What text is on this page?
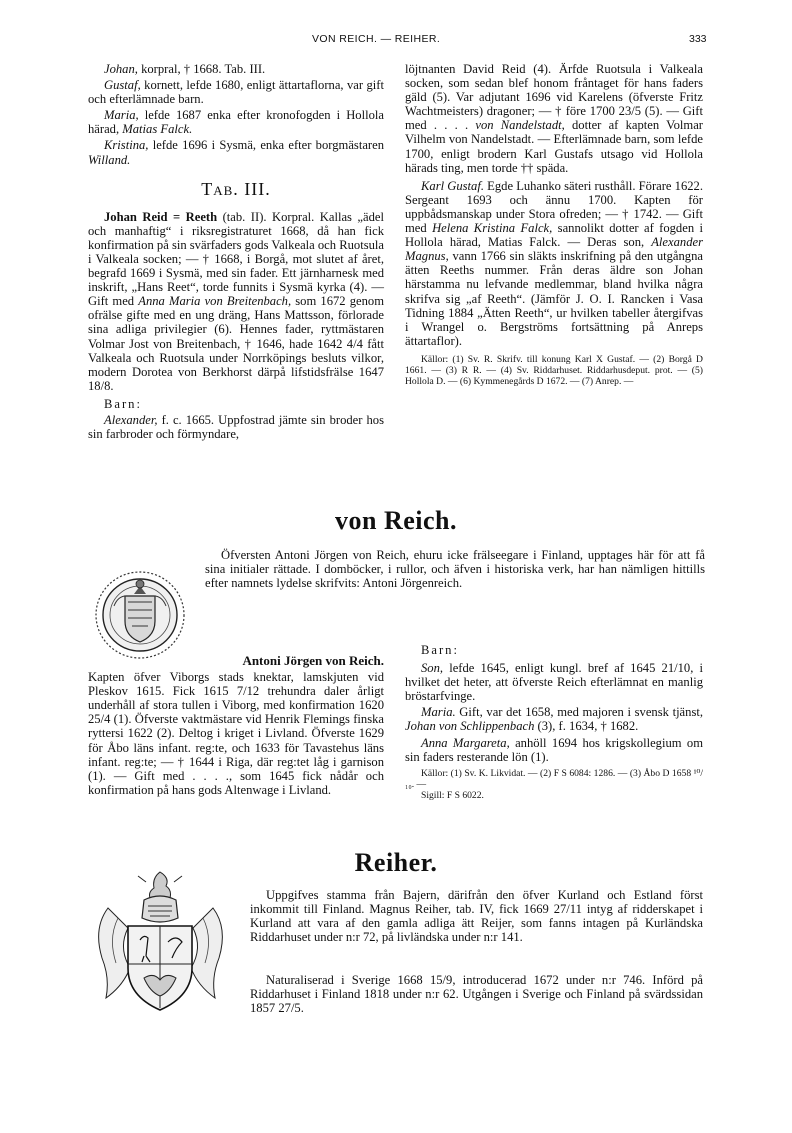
VON REICH. — REIHER.	333

Johan, korpral, † 1668. Tab. III.

Gustaf, kornett, lefde 1680, enligt ättartaflorna, var gift och efterlämnade barn.

Maria, lefde 1687 enka efter kronofogden i Hollola härad, Matias Falck.

Kristina, lefde 1696 i Sysmä, enka efter borgmästaren Willand.

Tab. III.

Johan Reid = Reeth (tab. II). Korpral. Kallas „ädel och manhaftig“ i riksregistraturet 1668, då han fick konfirmation på sin svärfaders gods Valkeala och Ruotsula i Valkeala socken; — † 1668, i Borgå, mot slutet af året, begrafd 1669 i Sysmä, med sin fader. Ett järnharnesk med inskrift, „Hans Reet“, torde funnits i Sysmä kyrka (4). — Gift med Anna Maria von Breitenbach, som 1672 genom ofrälse gifte med en ung dräng, Hans Mattsson, förlorade sina adliga privilegier (6). Hennes fader, ryttmästaren Volmar Jost von Breitenbach, † 1646, hade 1642 4/4 fått Valkeala och Ruotsula under Norrköpings besluts vilkor, modern Dorotea von Berkhorst därpå lifstidsfrälse 1647 18/8.

Barn:

Alexander, f. c. 1665. Uppfostrad jämte sin broder hos sin farbroder och förmyndare,

löjtnanten David Reid (4). Ärfde Ruotsula i Valkeala socken, som sedan blef honom fråntaget för hans faders gäld (5). Var adjutant 1696 vid Karelens (öfverste Fritz Wachtmeisters) dragoner; — † före 1700 23/5 (5). — Gift med . . . . von Nandelstadt, dotter af kapten Volmar Vilhelm von Nandelstadt. — Efterlämnade barn, som lefde 1700, enligt brodern Karl Gustafs utsago vid Hollola härads ting, men torde †† späda.

Karl Gustaf. Egde Luhanko säteri rusthåll. Förare 1622. Sergeant 1693 och ännu 1700. Kapten för uppbådsmanskap under Stora ofreden; — † 1742. — Gift med Helena Kristina Falck, sannolikt dotter af fogden i Hollola härad, Matias Falck. — Deras son, Alexander Magnus, vann 1766 sin släkts inskrifning på den utgångna ätten Reeths nummer. Från deras äldre son Johan härstamma nu lefvande medlemmar, bland hvilka några skrifva sig „af Reeth“. (Jämför J. O. I. Rancken i Vasa Tidning 1884 „Ätten Reeth“, ur hvilken tabeller återgifvas i Wrangel o. Bergströms fortsättning på Anreps ättartaflor).

Källor: (1) Sv. R. Skrifv. till konung Karl X Gustaf. — (2) Borgå D 1661. — (3) R R. — (4) Sv. Riddarhuset. Riddarhusdeput. prot. — (5) Hollola D. — (6) Kymmenegårds D 1672. — (7) Anrep. —

von Reich.

Öfversten Antoni Jörgen von Reich, ehuru icke frälseegare i Finland, upptages här för att få sina initialer rättade. I domböcker, i rullor, och äfven i historiska verk, har han nämligen hittills efter namnets lydelse skrifvits: Antoni Jörgenreich.

Antoni Jörgen von Reich.

Kapten öfver Viborgs stads knektar, lamskjuten vid Pleskov 1615. Fick 1615 7/12 trehundra daler årligt underhåll af stora tullen i Viborg, med konfirmation 1620 25/4 (1). Öfverste vaktmästare vid Henrik Flemings finska ryttersi 1622 (2). Deltog i kriget i Livland. Öfverste 1629 för Åbo läns infant. reg:te, och 1633 för Tavastehus läns infant. reg:te; — † 1644 i Riga, där reg:tet låg i garnison (1). — Gift med . . . ., som 1645 fick nådår och konfirmation på hans gods Altenwage i Livland.

Barn:

Son, lefde 1645, enligt kungl. bref af 1645 21/10, i hvilket det heter, att öfverste Reich efterlämnat en manlig bröstarfvinge.

Maria. Gift, var det 1658, med majoren i svensk tjänst, Johan von Schlippenbach (3), f. 1634, † 1682.

Anna Margareta, anhöll 1694 hos krigskollegium om sin faders resterande lön (1).

Källor: (1) Sv. K. Likvidat. — (2) F S 6084: 1286. — (3) Åbo D 1658 ¹⁰/₁₀. —

Sigill: F S 6022.

Reiher.

Uppgifves stamma från Bajern, därifrån den öfver Kurland och Estland först inkommit till Finland. Magnus Reiher, tab. IV, fick 1669 27/11 intyg af ridderskapet i Kurland att vara af den gamla adliga ätt Reijer, som fanns intagen på Kurländska Riddarhuset under n:r 72, på livländska under n:r 141.

Naturaliserad i Sverige 1668 15/9, introducerad 1672 under n:r 746. Införd på Riddarhuset i Finland 1818 under n:r 62. Utgången i Sverige och Finland på svärdssidan 1857 27/5.
